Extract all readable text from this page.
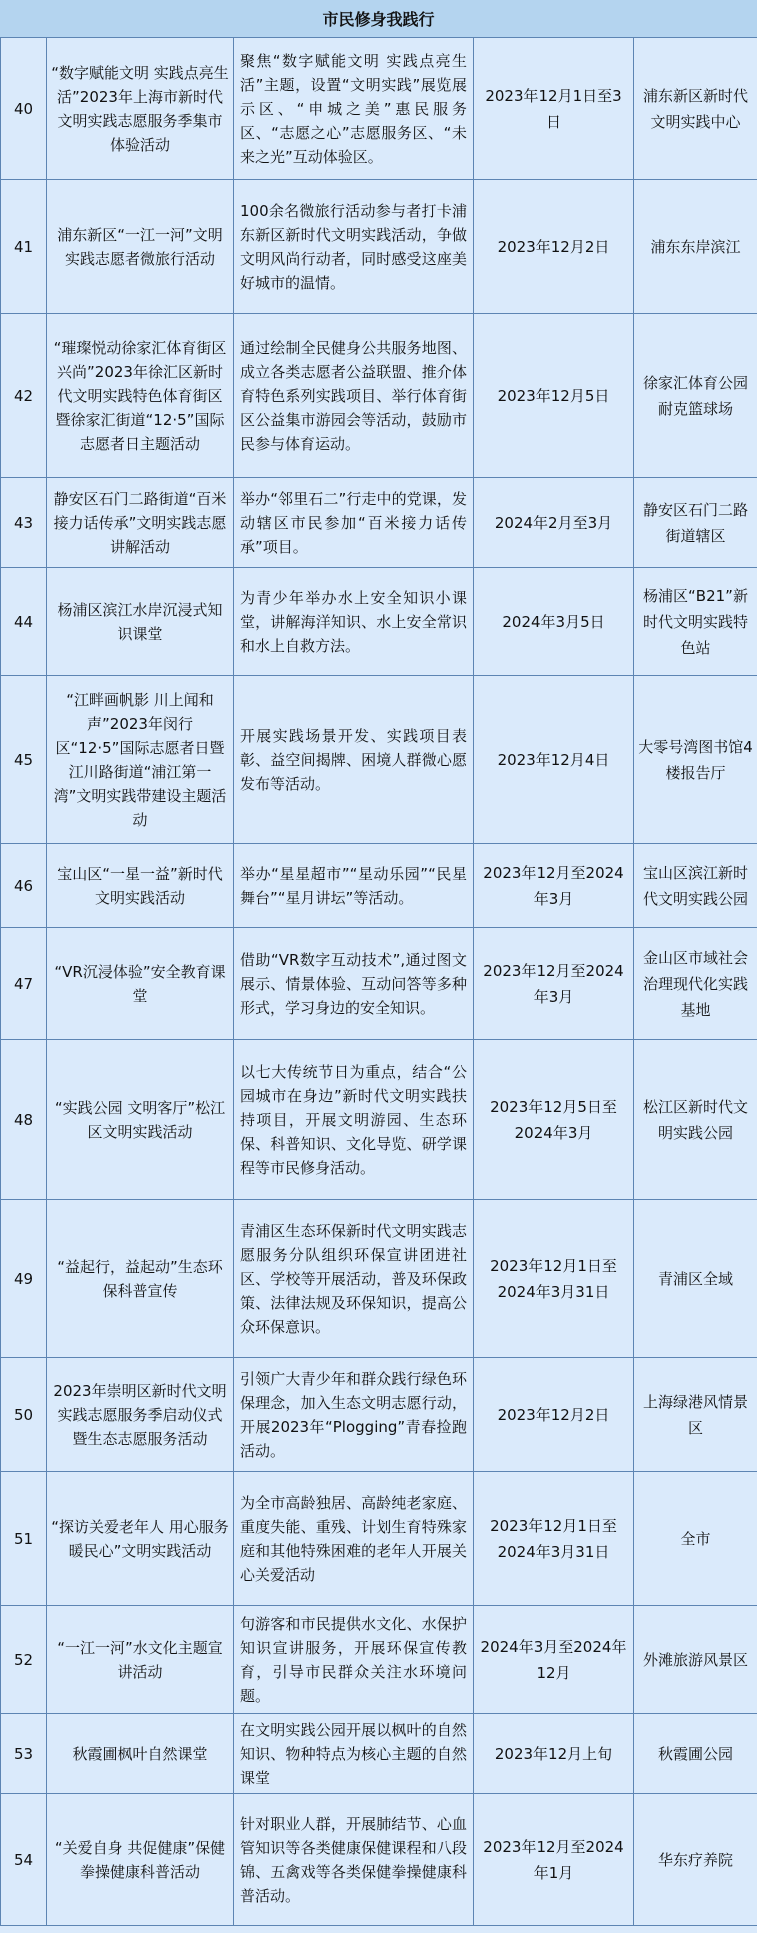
市民修身我践行
40	“数字赋能文明 实践点亮生活”2023年上海市新时代文明实践志愿服务季集市体验活动	聚焦“数字赋能文明 实践点亮生活”主题，设置“文明实践”展览展示区、“申城之美”惠民服务区、“志愿之心”志愿服务区、“未来之光”互动体验区。	2023年12月1日至3日	浦东新区新时代文明实践中心

41	浦东新区“一江一河”文明实践志愿者微旅行活动	100余名微旅行活动参与者打卡浦东新区新时代文明实践活动，争做文明风尚行动者，同时感受这座美好城市的温情。	2023年12月2日	浦东东岸滨江

42	“璀璨悦动徐家汇体育街区兴尚”2023年徐汇区新时代文明实践特色体育街区暨徐家汇街道“12·5”国际志愿者日主题活动	通过绘制全民健身公共服务地图、成立各类志愿者公益联盟、推介体育特色系列实践项目、举行体育街区公益集市游园会等活动，鼓励市民参与体育运动。	2023年12月5日	徐家汇体育公园耐克篮球场

43	静安区石门二路街道“百米接力话传承”文明实践志愿讲解活动	举办“邻里石二”行走中的党课，发动辖区市民参加“百米接力话传承”项目。	2024年2月至3月	静安区石门二路街道辖区

44	杨浦区滨江水岸沉浸式知识课堂	为青少年举办水上安全知识小课堂，讲解海洋知识、水上安全常识和水上自救方法。	2024年3月5日	杨浦区“B21”新时代文明实践特色站

45	“江畔画帆影 川上闻和声”2023年闵行区“12·5”国际志愿者日暨江川路街道“浦江第一湾”文明实践带建设主题活动	开展实践场景开发、实践项目表彰、益空间揭牌、困境人群微心愿发布等活动。	2023年12月4日	大零号湾图书馆4楼报告厅

46	宝山区“一星一益”新时代文明实践活动	举办“星星超市”“星动乐园”“民星舞台”“星月讲坛”等活动。	2023年12月至2024年3月	宝山区滨江新时代文明实践公园

47	“VR沉浸体验”安全教育课堂	借助“VR数字互动技术”,通过图文展示、情景体验、互动问答等多种形式，学习身边的安全知识。	2023年12月至2024年3月	金山区市域社会治理现代化实践基地

48	“实践公园 文明客厅”松江区文明实践活动	以七大传统节日为重点，结合“公园城市在身边”新时代文明实践扶持项目，开展文明游园、生态环保、科普知识、文化导览、研学课程等市民修身活动。	2023年12月5日至2024年3月	松江区新时代文明实践公园

49	“益起行，益起动”生态环保科普宣传	青浦区生态环保新时代文明实践志愿服务分队组织环保宣讲团进社区、学校等开展活动，普及环保政策、法律法规及环保知识，提高公众环保意识。	2023年12月1日至2024年3月31日	青浦区全域

50	2023年崇明区新时代文明实践志愿服务季启动仪式暨生态志愿服务活动	引领广大青少年和群众践行绿色环保理念，加入生态文明志愿行动，开展2023年“Plogging”青春捡跑活动。	2023年12月2日	上海绿港风情景区

51	“探访关爱老年人 用心服务暖民心”文明实践活动	为全市高龄独居、高龄纯老家庭、重度失能、重残、计划生育特殊家庭和其他特殊困难的老年人开展关心关爱活动	2023年12月1日至2024年3月31日	全市

52	“一江一河”水文化主题宣讲活动	句游客和市民提供水文化、水保护知识宣讲服务，开展环保宣传教育，引导市民群众关注水环境问题。	2024年3月至2024年12月	外滩旅游风景区

53	秋霞圃枫叶自然课堂	在文明实践公园开展以枫叶的自然知识、物种特点为核心主题的自然课堂	2023年12月上旬	秋霞圃公园

54	“关爱自身 共促健康”保健拳操健康科普活动	针对职业人群，开展肺结节、心血管知识等各类健康保健课程和八段锦、五禽戏等各类保健拳操健康科普活动。	2023年12月至2024年1月	华东疗养院
